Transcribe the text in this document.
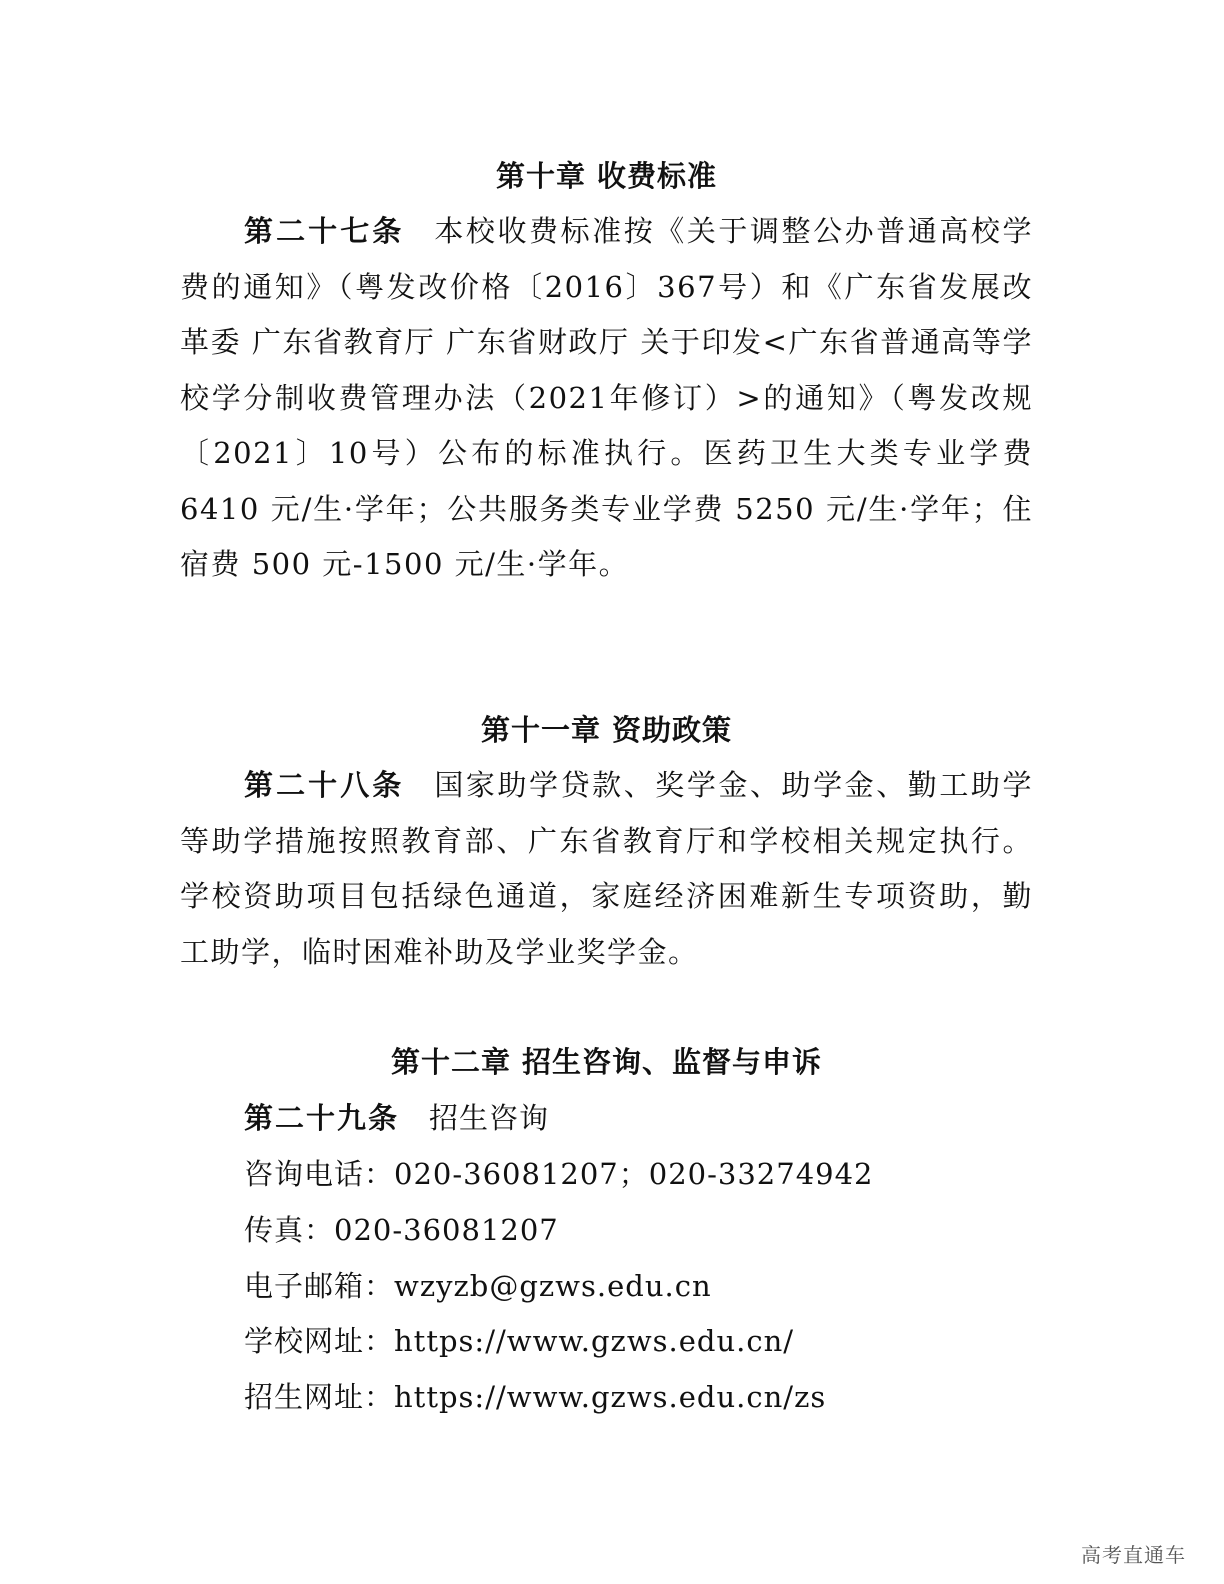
第十章 收费标准
第二十七条 本校收费标准按《关于调整公办普通高校学费的通知》（粤发改价格〔2016〕367号）和《广东省发展改革委 广东省教育厅 广东省财政厅 关于印发<广东省普通高等学校学分制收费管理办法（2021年修订）>的通知》（粤发改规〔2021〕10号）公布的标准执行。医药卫生大类专业学费 6410 元/生·学年；公共服务类专业学费 5250 元/生·学年；住宿费 500 元-1500 元/生·学年。
第十一章 资助政策
第二十八条 国家助学贷款、奖学金、助学金、勤工助学等助学措施按照教育部、广东省教育厅和学校相关规定执行。学校资助项目包括绿色通道，家庭经济困难新生专项资助，勤工助学，临时困难补助及学业奖学金。
第十二章 招生咨询、监督与申诉
第二十九条 招生咨询
咨询电话：020-36081207；020-33274942
传真：020-36081207
电子邮箱：wzyzb@gzws.edu.cn
学校网址：https://www.gzws.edu.cn/
招生网址：https://www.gzws.edu.cn/zs
高考直通车
